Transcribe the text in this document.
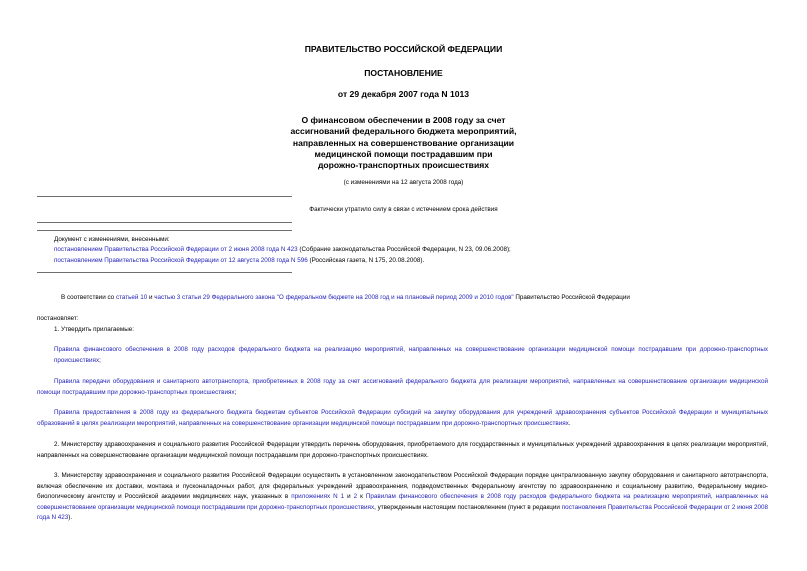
ПРАВИТЕЛЬСТВО РОССИЙСКОЙ ФЕДЕРАЦИИ
ПОСТАНОВЛЕНИЕ
от 29 декабря 2007 года N 1013
О финансовом обеспечении в 2008 году за счет
ассигнований федерального бюджета мероприятий,
направленных на совершенствование организации
медицинской помощи пострадавшим при
дорожно-транспортных происшествиях
(с изменениями на 12 августа 2008 года)
Фактически утратило силу в связи с истечением срока действия
Документ с изменениями, внесенными:
постановлением Правительства Российской Федерации от 2 июня 2008 года N 423 (Собрание законодательства Российской Федерации, N 23, 09.06.2008);
постановлением Правительства Российской Федерации от 12 августа 2008 года N 596 (Российская газета, N 175, 20.08.2008).
В соответствии со статьей 10 и частью 3 статьи 29 Федерального закона "О федеральном бюджете на 2008 год и на плановый период 2009 и 2010 годов" Правительство Российской Федерации
постановляет:
1. Утвердить прилагаемые:
Правила финансового обеспечения в 2008 году расходов федерального бюджета на реализацию мероприятий, направленных на совершенствование организации медицинской помощи пострадавшим при дорожно-транспортных происшествиях;
Правила передачи оборудования и санитарного автотранспорта, приобретенных в 2008 году за счет ассигнований федерального бюджета для реализации мероприятий, направленных на совершенствование организации медицинской помощи пострадавшим при дорожно-транспортных происшествиях;
Правила предоставления в 2008 году из федерального бюджета бюджетам субъектов Российской Федерации субсидий на закупку оборудования для учреждений здравоохранения субъектов Российской Федерации и муниципальных образований в целях реализации мероприятий, направленных на совершенствование организации медицинской помощи пострадавшим при дорожно-транспортных происшествиях.
2. Министерству здравоохранения и социального развития Российской Федерации утвердить перечень оборудования, приобретаемого для государственных и муниципальных учреждений здравоохранения в целях реализации мероприятий, направленных на совершенствование организации медицинской помощи пострадавшим при дорожно-транспортных происшествиях.
3. Министерству здравоохранения и социального развития Российской Федерации осуществить в установленном законодательством Российской Федерации порядке централизованную закупку оборудования и санитарного автотранспорта, включая обеспечение их доставки, монтажа и пусконаладочных работ, для федеральных учреждений здравоохранения, подведомственных Федеральному агентству по здравоохранению и социальному развитию, Федеральному медико-биологическому агентству и Российской академии медицинских наук, указанных в приложениях N 1 и 2 к Правилам финансового обеспечения в 2008 году расходов федерального бюджета на реализацию мероприятий, направленных на совершенствование организации медицинской помощи пострадавшим при дорожно-транспортных происшествиях, утвержденным настоящим постановлением (пункт в редакции постановления Правительства Российской Федерации от 2 июня 2008 года N 423).
